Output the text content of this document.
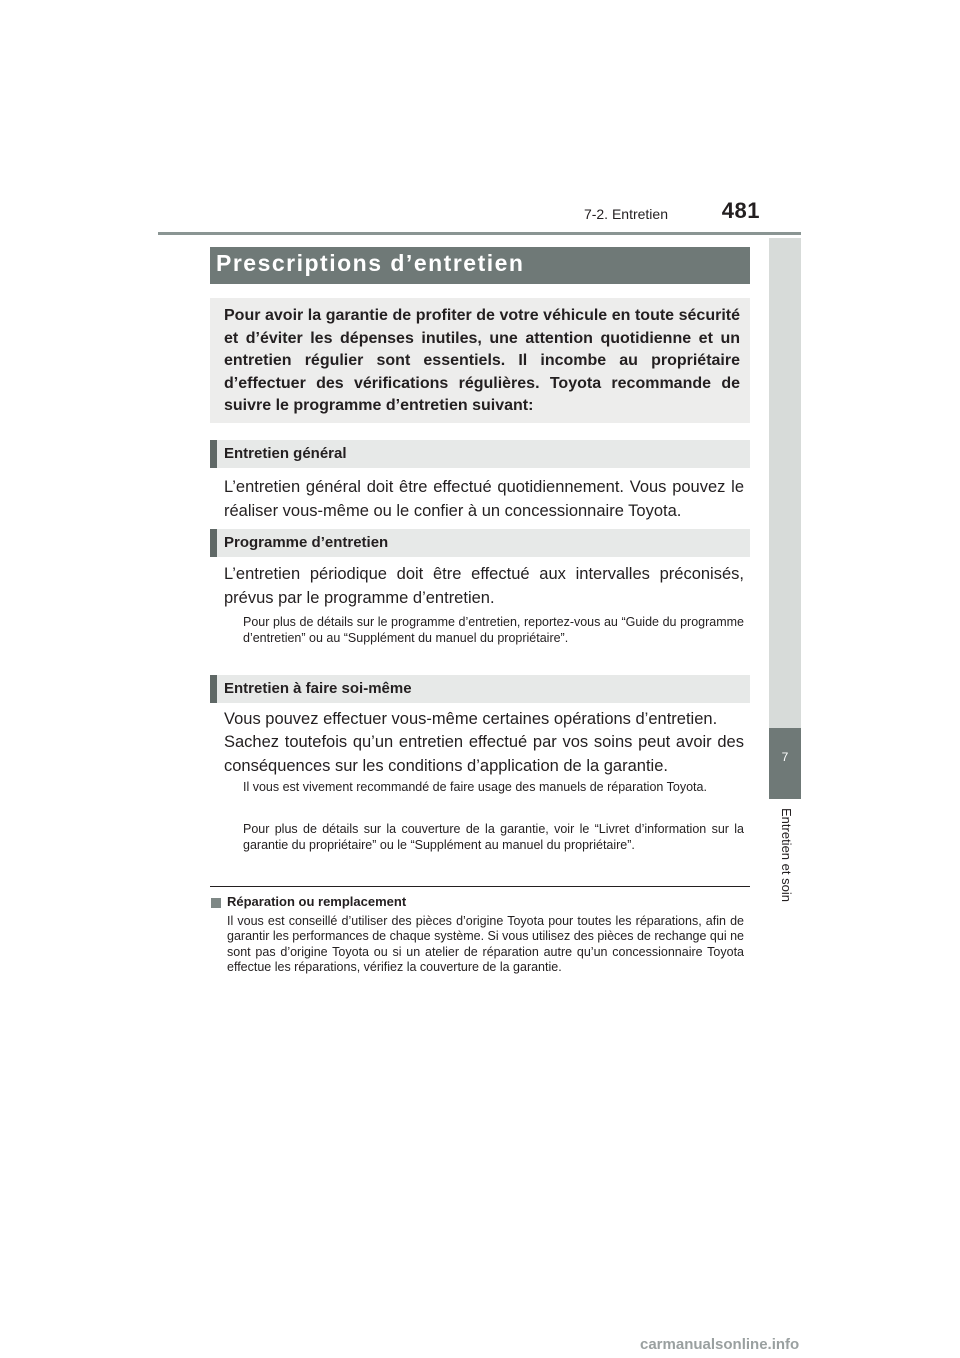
7-2. Entretien	481
7
Entretien et soin
Prescriptions d’entretien

Pour avoir la garantie de profiter de votre véhicule en toute sécurité et d’éviter les dépenses inutiles, une attention quotidienne et un entretien régulier sont essentiels. Il incombe au propriétaire d’effectuer des vérifications régulières. Toyota recommande de suivre le programme d’entretien suivant:

Entretien général

L’entretien général doit être effectué quotidiennement. Vous pouvez le réaliser vous-même ou le confier à un concessionnaire Toyota.

Programme d’entretien

L’entretien périodique doit être effectué aux intervalles préconisés, prévus par le programme d’entretien.

Pour plus de détails sur le programme d’entretien, reportez-vous au “Guide du programme d’entretien” ou au “Supplément du manuel du propriétaire”.

Entretien à faire soi-même

Vous pouvez effectuer vous-même certaines opérations d’entretien.

Sachez toutefois qu’un entretien effectué par vos soins peut avoir des conséquences sur les conditions d’application de la garantie.

Il vous est vivement recommandé de faire usage des manuels de réparation Toyota.

Pour plus de détails sur la couverture de la garantie, voir le “Livret d’information sur la garantie du propriétaire” ou le “Supplément au manuel du propriétaire”.

Réparation ou remplacement

Il vous est conseillé d’utiliser des pièces d’origine Toyota pour toutes les réparations, afin de garantir les performances de chaque système. Si vous utilisez des pièces de rechange qui ne sont pas d’origine Toyota ou si un atelier de réparation autre qu’un concessionnaire Toyota effectue les réparations, vérifiez la couverture de la garantie.

carmanualsonline.info
